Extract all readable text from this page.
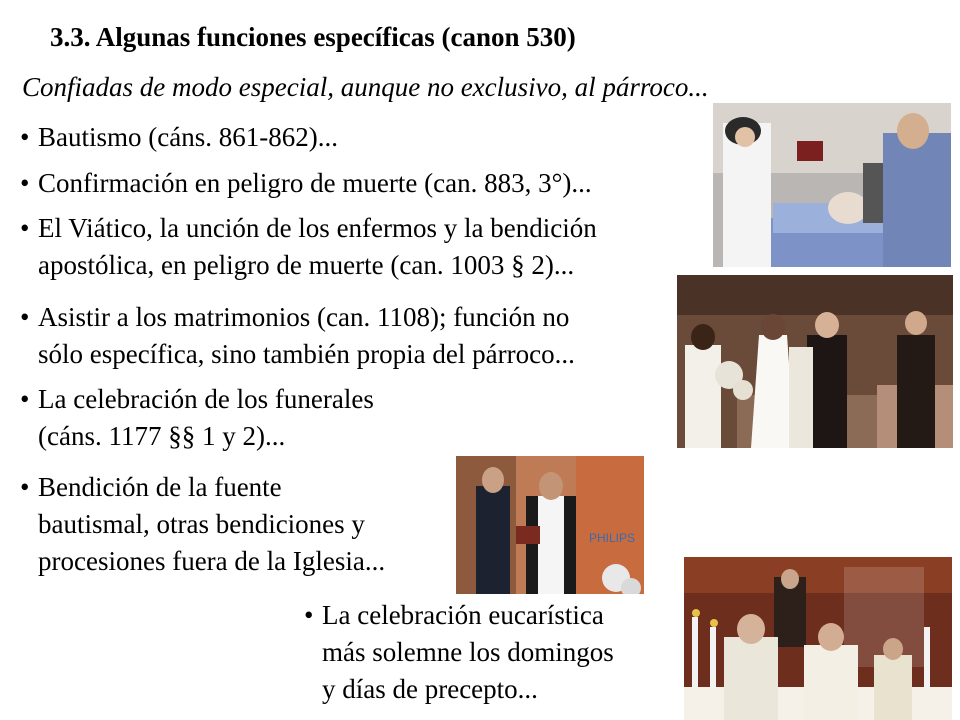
3.3. Algunas funciones específicas (canon 530)
Confiadas de modo especial, aunque no exclusivo, al párroco...
• Bautismo (cáns. 861-862)...
• Confirmación en peligro de muerte (can. 883, 3°)...
• El Viático, la unción de los enfermos y la bendición
apostólica, en peligro de muerte (can. 1003 § 2)...
• Asistir a los matrimonios (can. 1108); función no
sólo específica, sino también propia del párroco...
• La celebración de los funerales
(cáns. 1177 §§ 1 y 2)...
• Bendición de la fuente
bautismal, otras bendiciones y
procesiones fuera de la Iglesia...
• La celebración eucarística
más solemne los domingos
y días de precepto...
PHILIPS
